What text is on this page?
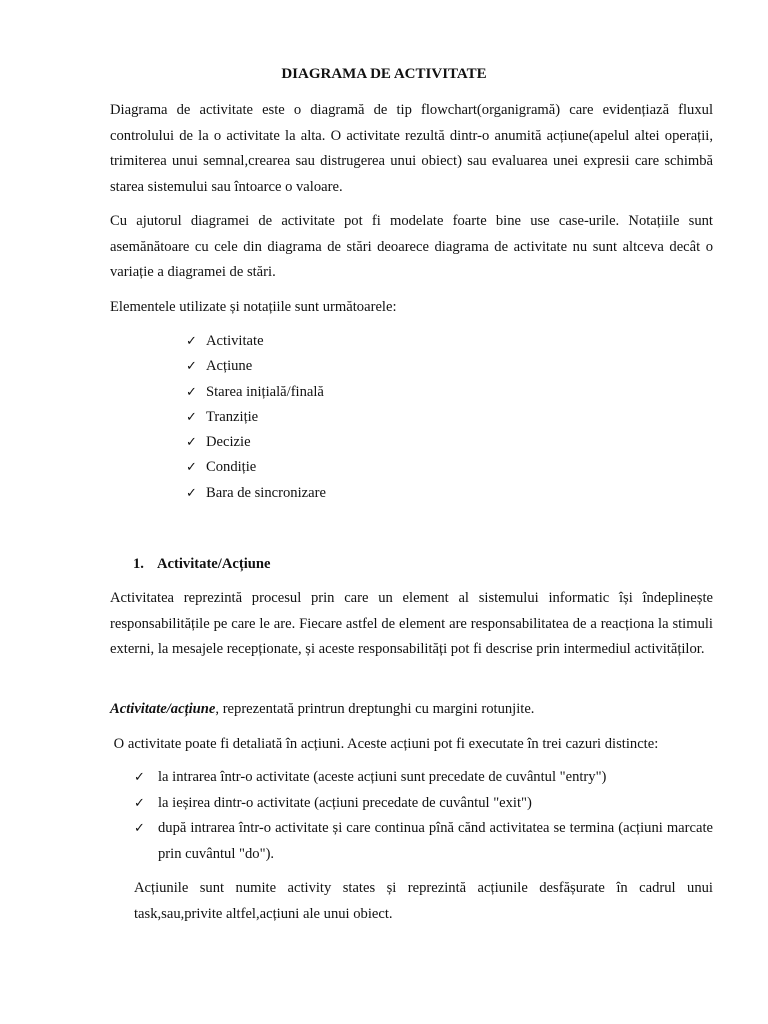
DIAGRAMA DE ACTIVITATE

Diagrama de activitate este o diagramă de tip flowchart(organigramă) care evidențiază fluxul controlului de la o activitate la alta. O activitate rezultă dintr-o anumită acțiune(apelul altei operații, trimiterea unui semnal,crearea sau distrugerea unui obiect) sau evaluarea unei expresii care schimbă starea sistemului sau întoarce o valoare.

Cu ajutorul diagramei de activitate pot fi modelate foarte bine use case-urile. Notațiile sunt asemănătoare cu cele din diagrama de stări deoarece diagrama de activitate nu sunt altceva decât o variație a diagramei de stări.

Elementele utilizate și notațiile sunt următoarele:

✓ Activitate
✓ Acțiune
✓ Starea inițială/finală
✓ Tranziție
✓ Decizie
✓ Condiție
✓ Bara de sincronizare
1. Activitate/Acțiune

Activitatea reprezintă procesul prin care un element al sistemului informatic își îndeplinește responsabilitățile pe care le are. Fiecare astfel de element are responsabilitatea de a reacționa la stimuli externi, la mesajele recepționate, și aceste responsabilități pot fi descrise prin intermediul activităților.

Activitate/acțiune, reprezentată printrun dreptunghi cu margini rotunjite.

O activitate poate fi detaliată în acțiuni. Aceste acțiuni pot fi executate în trei cazuri distincte:

✓ la intrarea într-o activitate (aceste acțiuni sunt precedate de cuvântul "entry")
✓ la ieșirea dintr-o activitate (acțiuni precedate de cuvântul "exit")
✓ după intrarea într-o activitate și care continua pînă cănd activitatea se termina (acțiuni marcate prin cuvântul "do").

Acțiunile sunt numite activity states și reprezintă acțiunile desfășurate în cadrul unui task,sau,privite altfel,acțiuni ale unui obiect.
